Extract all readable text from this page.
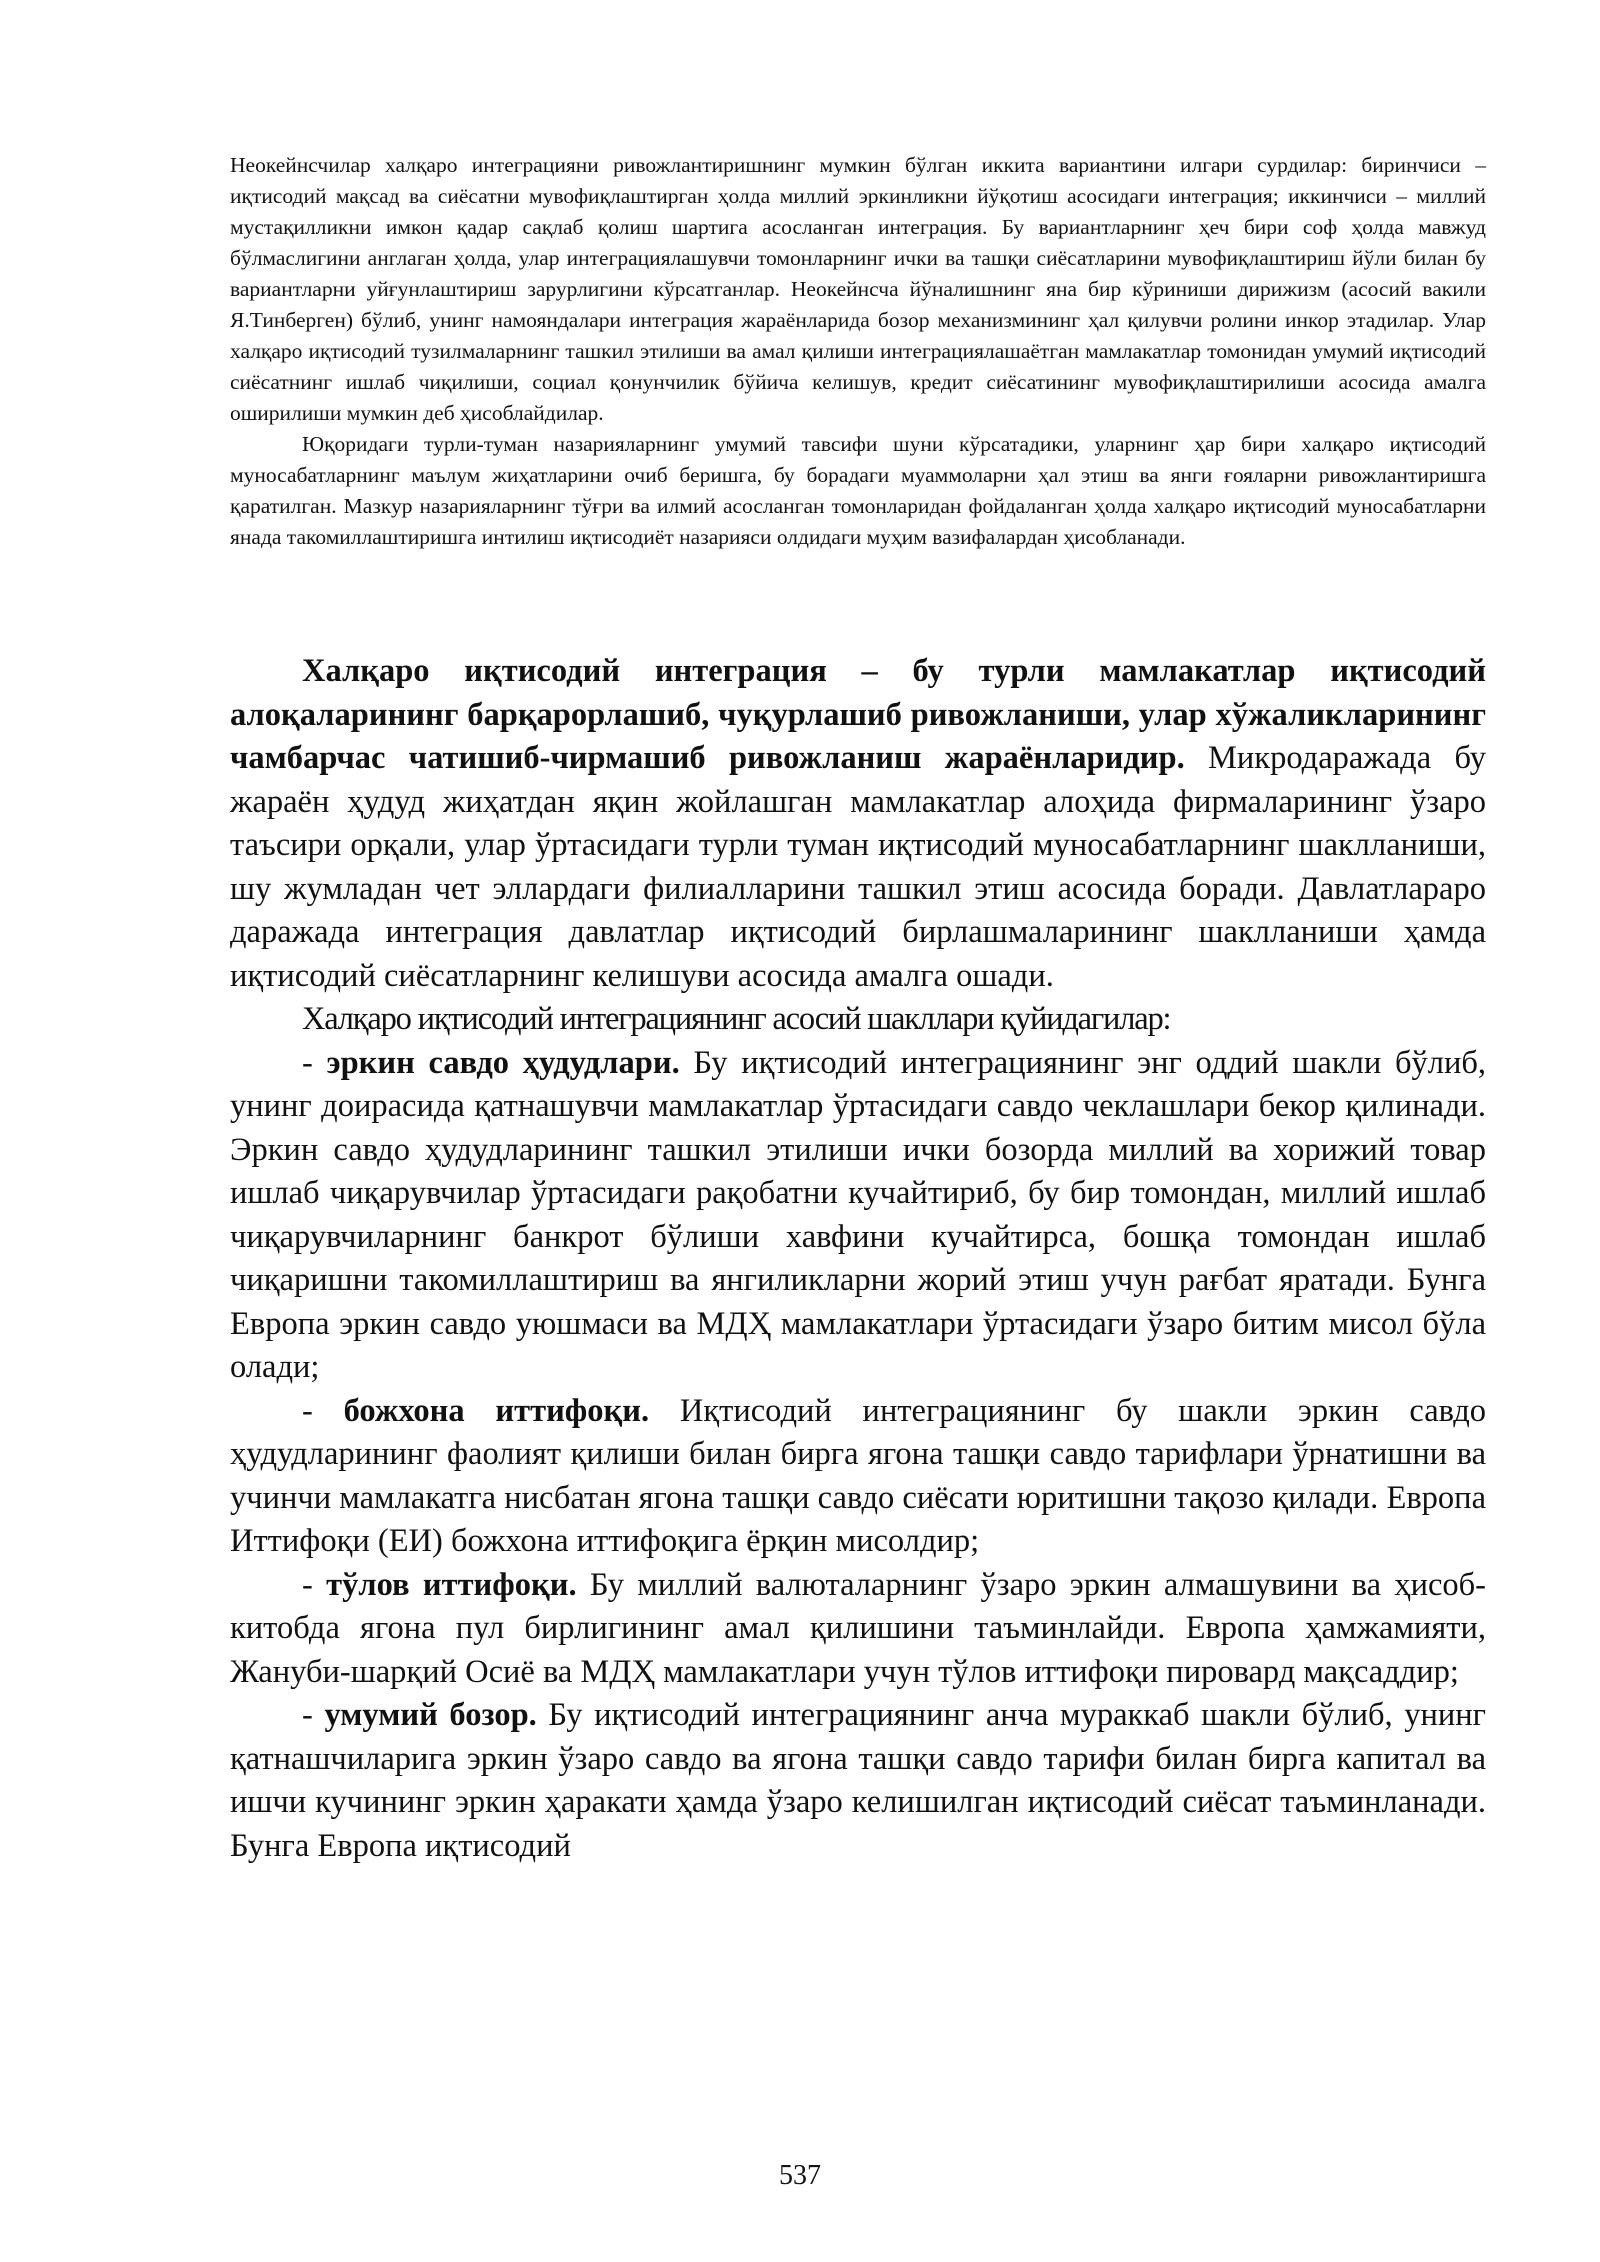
Неокейнсчилар халқаро интеграцияни ривожлантиришнинг мумкин бўлган иккита вариантини илгари сурдилар: биринчиси – иқтисодий мақсад ва сиёсатни мувофиқлаштирган ҳолда миллий эркинликни йўқотиш асосидаги интеграция; иккинчиси – миллий мустақилликни имкон қадар сақлаб қолиш шартига асосланган интеграция. Бу вариантларнинг ҳеч бири соф ҳолда мавжуд бўлмаслигини англаган ҳолда, улар интеграциялашувчи томонларнинг ички ва ташқи сиёсатларини мувофиқлаштириш йўли билан бу вариантларни уйғунлаштириш зарурлигини кўрсатганлар. Неокейнсча йўналишнинг яна бир кўриниши дирижизм (асосий вакили Я.Тинберген) бўлиб, унинг намояндалари интеграция жараёнларида бозор механизмининг ҳал қилувчи ролини инкор этадилар. Улар халқаро иқтисодий тузилмаларнинг ташкил этилиши ва амал қилиши интеграциялашаётган мамлакатлар томонидан умумий иқтисодий сиёсатнинг ишлаб чиқилиши, социал қонунчилик бўйича келишув, кредит сиёсатининг мувофиқлаштирилиши асосида амалга оширилиши мумкин деб ҳисоблайдилар.

Юқоридаги турли-туман назарияларнинг умумий тавсифи шуни кўрсатадики, уларнинг ҳар бири халқаро иқтисодий муносабатларнинг маълум жиҳатларини очиб беришга, бу борадаги муаммоларни ҳал этиш ва янги ғояларни ривожлантиришга қаратилган. Мазкур назарияларнинг тўғри ва илмий асосланган томонларидан фойдаланган ҳолда халқаро иқтисодий муносабатларни янада такомиллаштиришга интилиш иқтисодиёт назарияси олдидаги муҳим вазифалардан ҳисобланади.

Халқаро иқтисодий интеграция – бу турли мамлакатлар иқтисодий алоқаларининг барқарорлашиб, чуқурлашиб ривожланиши, улар хўжаликларининг чамбарчас чатишиб-чирмашиб ривожланиш жараёнларидир. Микродаражада бу жараён ҳудуд жиҳатдан яқин жойлашган мамлакатлар алоҳида фирмаларининг ўзаро таъсири орқали, улар ўртасидаги турли туман иқтисодий муносабатларнинг шаклланиши, шу жумладан чет эллардаги филиалларини ташкил этиш асосида боради. Давлатлараро даражада интеграция давлатлар иқтисодий бирлашмаларининг шаклланиши ҳамда иқтисодий сиёсатларнинг келишуви асосида амалга ошади.

Халқаро иқтисодий интеграциянинг асосий шакллари қуйидагилар:

- эркин савдо ҳудудлари. Бу иқтисодий интеграциянинг энг оддий шакли бўлиб, унинг доирасида қатнашувчи мамлакатлар ўртасидаги савдо чеклашлари бекор қилинади. Эркин савдо ҳудудларининг ташкил этилиши ички бозорда миллий ва хорижий товар ишлаб чиқарувчилар ўртасидаги рақобатни кучайтириб, бу бир томондан, миллий ишлаб чиқарувчиларнинг банкрот бўлиши хавфини кучайтирса, бошқа томондан ишлаб чиқаришни такомиллаштириш ва янгиликларни жорий этиш учун рағбат яратади. Бунга Европа эркин савдо уюшмаси ва МДҲ мамлакатлари ўртасидаги ўзаро битим мисол бўла олади;

- божхона иттифоқи. Иқтисодий интеграциянинг бу шакли эркин савдо ҳудудларининг фаолият қилиши билан бирга ягона ташқи савдо тарифлари ўрнатишни ва учинчи мамлакатга нисбатан ягона ташқи савдо сиёсати юритишни тақозо қилади. Европа Иттифоқи (ЕИ) божхона иттифоқига ёрқин мисолдир;

- тўлов иттифоқи. Бу миллий валюталарнинг ўзаро эркин алмашувини ва ҳисоб-китобда ягона пул бирлигининг амал қилишини таъминлайди. Европа ҳамжамияти, Жануби-шарқий Осиё ва МДҲ мамлакатлари учун тўлов иттифоқи пировард мақсаддир;

- умумий бозор. Бу иқтисодий интеграциянинг анча мураккаб шакли бўлиб, унинг қатнашчиларига эркин ўзаро савдо ва ягона ташқи савдо тарифи билан бирга капитал ва ишчи кучининг эркин ҳаракати ҳамда ўзаро келишилган иқтисодий сиёсат таъминланади. Бунга Европа иқтисодий

537
